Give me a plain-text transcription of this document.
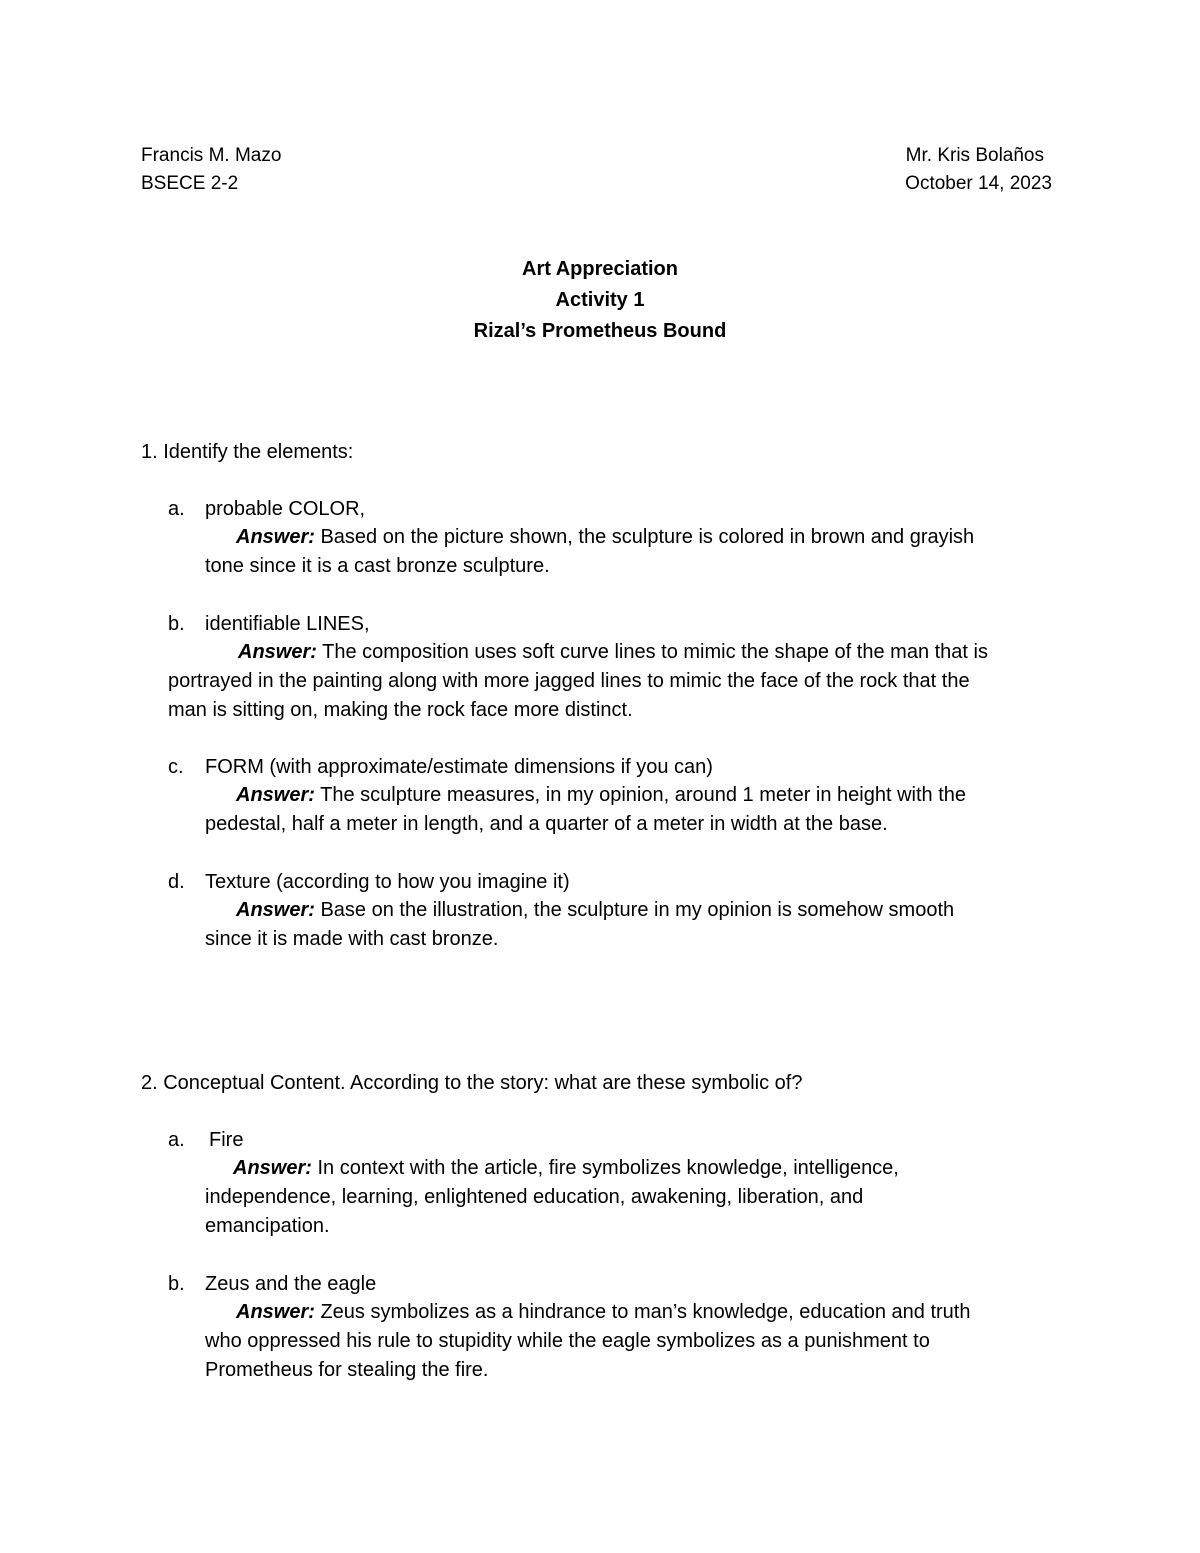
Francis M. Mazo
BSECE 2-2
Mr. Kris Bolaños
October 14, 2023
Art Appreciation
Activity 1
Rizal’s Prometheus Bound
1. Identify the elements:
a. probable COLOR,
Answer: Based on the picture shown, the sculpture is colored in brown and grayish
tone since it is a cast bronze sculpture.
b. identifiable LINES,
Answer: The composition uses soft curve lines to mimic the shape of the man that is
portrayed in the painting along with more jagged lines to mimic the face of the rock that the
man is sitting on, making the rock face more distinct.
c. FORM (with approximate/estimate dimensions if you can)
Answer: The sculpture measures, in my opinion, around 1 meter in height with the
pedestal, half a meter in length, and a quarter of a meter in width at the base.
d. Texture (according to how you imagine it)
Answer: Base on the illustration, the sculpture in my opinion is somehow smooth
since it is made with cast bronze.
2. Conceptual Content. According to the story: what are these symbolic of?
a. Fire
Answer: In context with the article, fire symbolizes knowledge, intelligence,
independence, learning, enlightened education, awakening, liberation, and
emancipation.
b. Zeus and the eagle
Answer: Zeus symbolizes as a hindrance to man’s knowledge, education and truth
who oppressed his rule to stupidity while the eagle symbolizes as a punishment to
Prometheus for stealing the fire.
